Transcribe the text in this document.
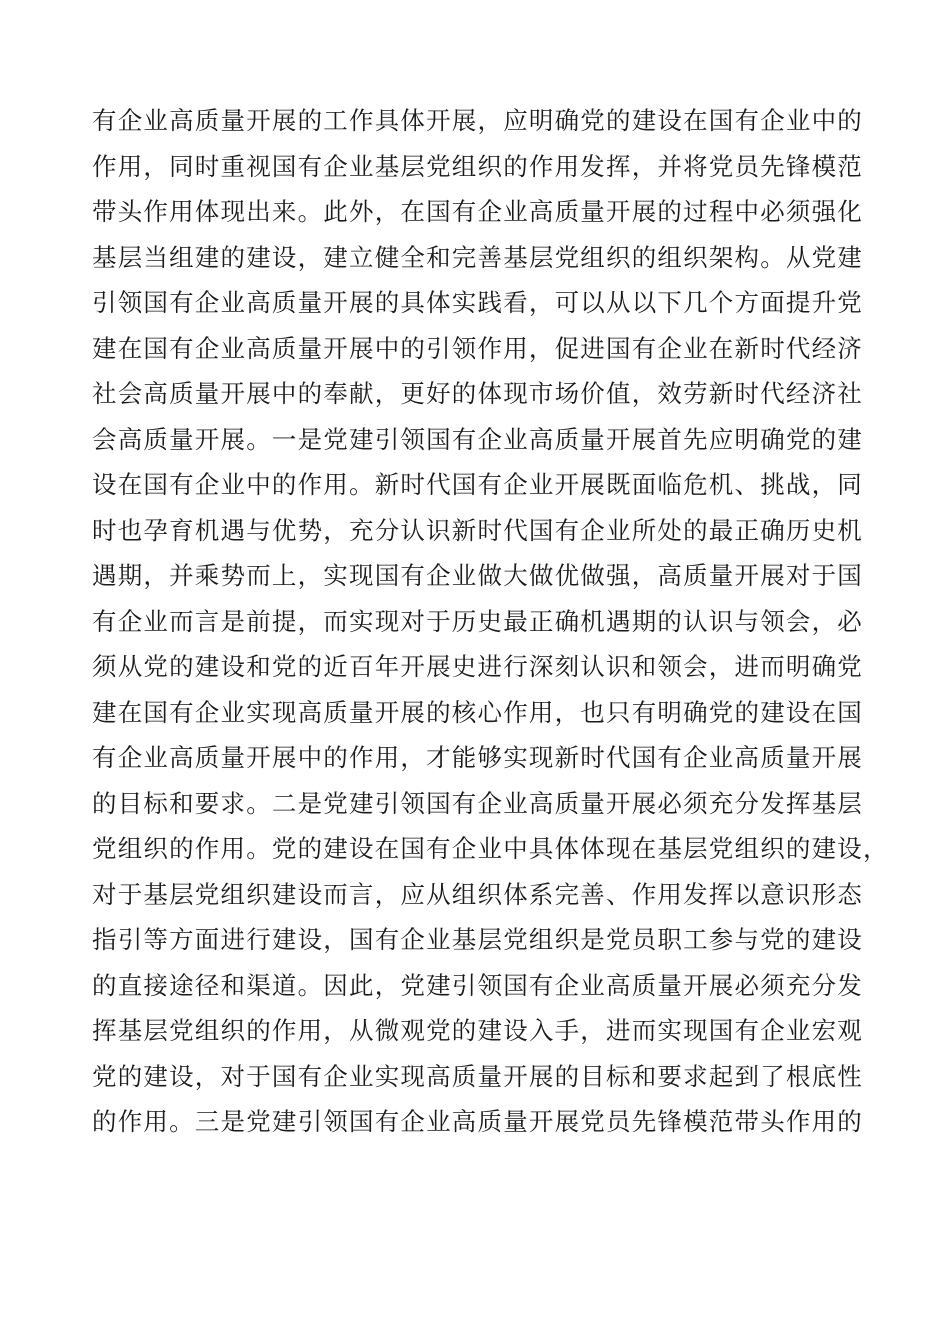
有企业高质量开展的工作具体开展，应明确党的建设在国有企业中的
作用，同时重视国有企业基层党组织的作用发挥，并将党员先锋模范
带头作用体现出来。此外，在国有企业高质量开展的过程中必须强化
基层当组建的建设，建立健全和完善基层党组织的组织架构。从党建
引领国有企业高质量开展的具体实践看，可以从以下几个方面提升党
建在国有企业高质量开展中的引领作用，促进国有企业在新时代经济
社会高质量开展中的奉献，更好的体现市场价值，效劳新时代经济社
会高质量开展。一是党建引领国有企业高质量开展首先应明确党的建
设在国有企业中的作用。新时代国有企业开展既面临危机、挑战，同
时也孕育机遇与优势，充分认识新时代国有企业所处的最正确历史机
遇期，并乘势而上，实现国有企业做大做优做强，高质量开展对于国
有企业而言是前提，而实现对于历史最正确机遇期的认识与领会，必
须从党的建设和党的近百年开展史进行深刻认识和领会，进而明确党
建在国有企业实现高质量开展的核心作用，也只有明确党的建设在国
有企业高质量开展中的作用，才能够实现新时代国有企业高质量开展
的目标和要求。二是党建引领国有企业高质量开展必须充分发挥基层
党组织的作用。党的建设在国有企业中具体体现在基层党组织的建设，
对于基层党组织建设而言，应从组织体系完善、作用发挥以意识形态
指引等方面进行建设，国有企业基层党组织是党员职工参与党的建设
的直接途径和渠道。因此，党建引领国有企业高质量开展必须充分发
挥基层党组织的作用，从微观党的建设入手，进而实现国有企业宏观
党的建设，对于国有企业实现高质量开展的目标和要求起到了根底性
的作用。三是党建引领国有企业高质量开展党员先锋模范带头作用的
